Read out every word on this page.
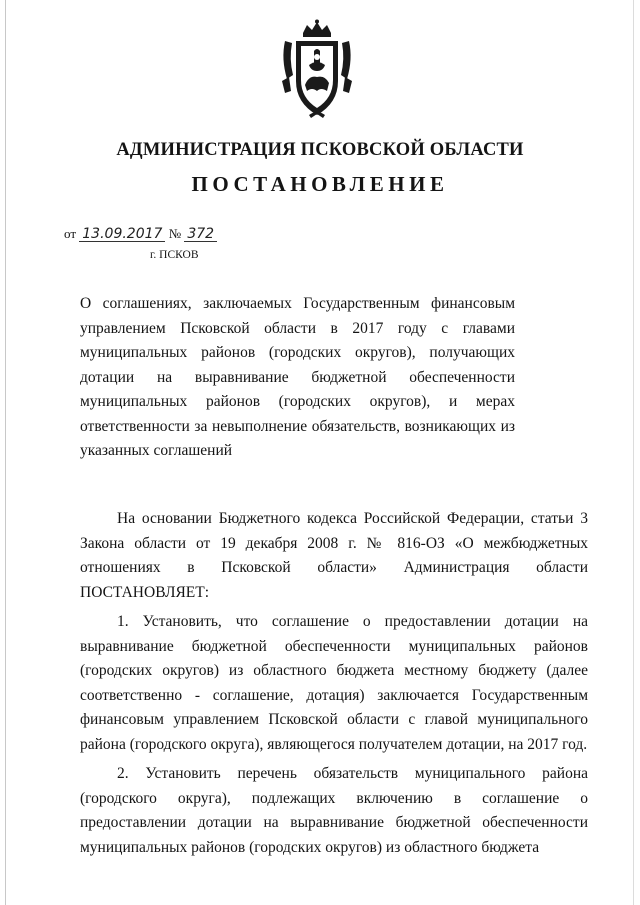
АДМИНИСТРАЦИЯ ПСКОВСКОЙ ОБЛАСТИ
ПОСТАНОВЛЕНИЕ
от 13.09.2017 № 372
г. ПСКОВ
О соглашениях, заключаемых Государственным финансовым управлением Псковской области в 2017 году с главами муниципальных районов (городских округов), получающих дотации на выравнивание бюджетной обеспеченности муниципальных районов (городских округов), и мерах ответственности за невыполнение обязательств, возникающих из указанных соглашений

На основании Бюджетного кодекса Российской Федерации, статьи 3 Закона области от 19 декабря 2008 г. № 816-ОЗ «О межбюджетных отношениях в Псковской области» Администрация области ПОСТАНОВЛЯЕТ:

1. Установить, что соглашение о предоставлении дотации на выравнивание бюджетной обеспеченности муниципальных районов (городских округов) из областного бюджета местному бюджету (далее соответственно - соглашение, дотация) заключается Государственным финансовым управлением Псковской области с главой муниципального района (городского округа), являющегося получателем дотации, на 2017 год.

2. Установить перечень обязательств муниципального района (городского округа), подлежащих включению в соглашение о предоставлении дотации на выравнивание бюджетной обеспеченности муниципальных районов (городских округов) из областного бюджета
